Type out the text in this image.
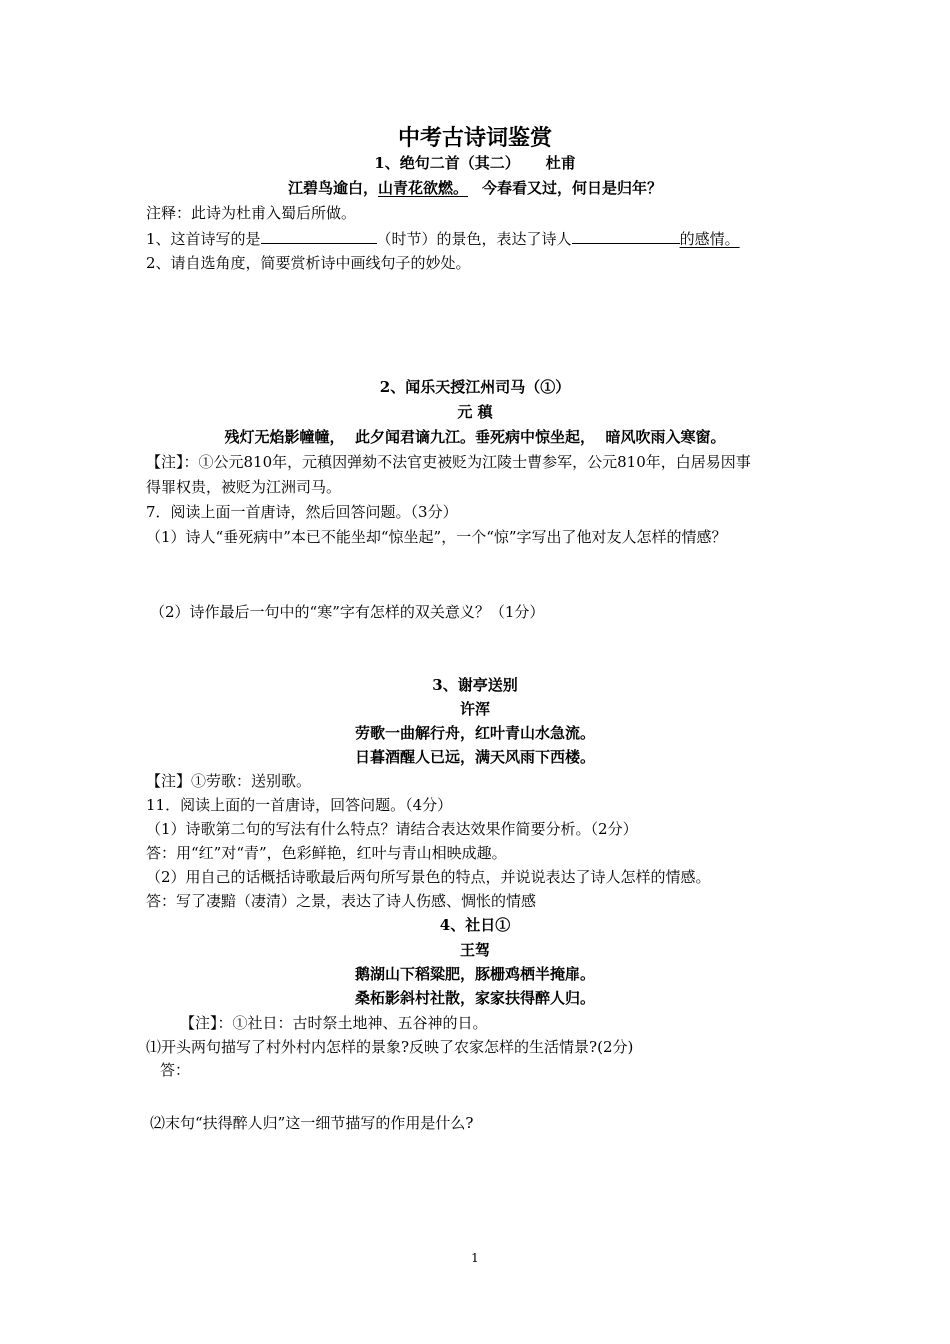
中考古诗词鉴赏
1、绝句二首（其二） 杜甫
江碧鸟逾白，山青花欲燃。 今春看又过，何日是归年？
注释：此诗为杜甫入蜀后所做。
1、这首诗写的是	（时节）的景色，表达了诗人	的感情。
2、请自选角度，简要赏析诗中画线句子的妙处。
2、闻乐天授江州司马（①）
元 稹
残灯无焰影幢幢，  此夕闻君谪九江。垂死病中惊坐起，  暗风吹雨入寒窗。
【注】：①公元810年，元稹因弹劾不法官吏被贬为江陵士曹参军，公元810年，白居易因事
得罪权贵，被贬为江洲司马。
7．阅读上面一首唐诗，然后回答问题。（3分）
（1）诗人“垂死病中”本已不能坐却“惊坐起”，一个“惊”字写出了他对友人怎样的情感？
（2）诗作最后一句中的“寒”字有怎样的双关意义？（1分）
3、谢亭送别
许浑
劳歌一曲解行舟，红叶青山水急流。
日暮酒醒人已远，满天风雨下西楼。
【注】①劳歌：送别歌。
11．阅读上面的一首唐诗，回答问题。（4分）
（1）诗歌第二句的写法有什么特点？请结合表达效果作简要分析。（2分）
答：用“红”对“青”，色彩鲜艳，红叶与青山相映成趣。
（2）用自己的话概括诗歌最后两句所写景色的特点，并说说表达了诗人怎样的情感。
答：写了凄黯（凄清）之景，表达了诗人伤感、惆怅的情感
4、社日①
王驾
鹅湖山下稻粱肥，豚栅鸡栖半掩扉。
桑柘影斜村社散，家家扶得醉人归。
【注】：①社日：古时祭土地神、五谷神的日。
⑴开头两句描写了村外村内怎样的景象?反映了农家怎样的生活情景?(2分)
答：
⑵末句“扶得醉人归”这一细节描写的作用是什么?
1
